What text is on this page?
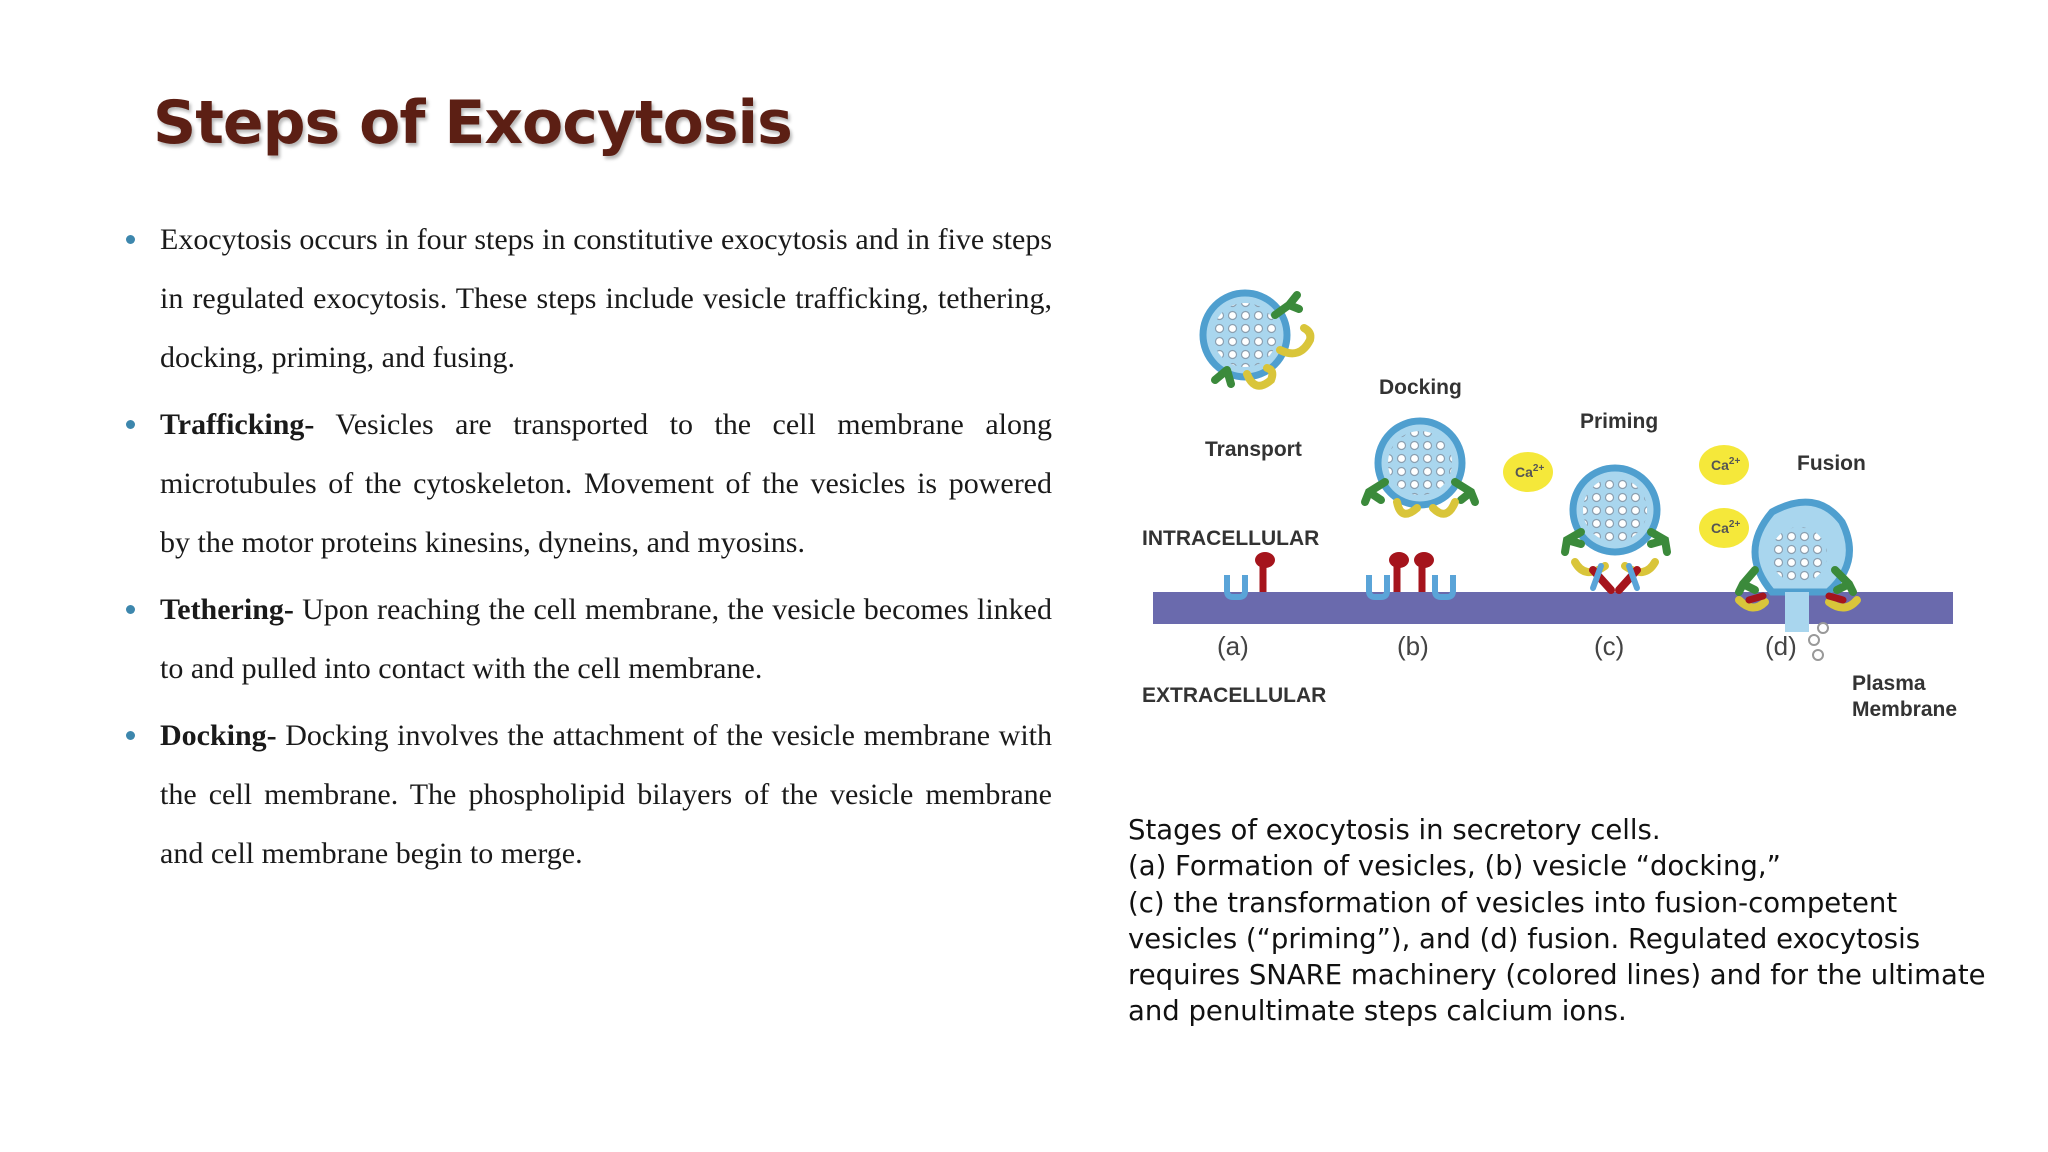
Steps of Exocytosis

Exocytosis occurs in four steps in constitutive exocytosis and in five steps in regulated exocytosis. These steps include vesicle trafficking, tethering, docking, priming, and fusing.

Trafficking- Vesicles are transported to the cell membrane along microtubules of the cytoskeleton. Movement of the vesicles is powered by the motor proteins kinesins, dyneins, and myosins.

Tethering- Upon reaching the cell membrane, the vesicle becomes linked to and pulled into contact with the cell membrane.

Docking- Docking involves the attachment of the vesicle membrane with the cell membrane. The phospholipid bilayers of the vesicle membrane and cell membrane begin to merge.

$Ca^{2+}$	$Ca^{2+}$
$Ca^{2+}$
Transport
Docking
Priming
Fusion
INTRACELLULAR
EXTRACELLULAR
Plasma
Membrane
(a)	(b)	(c)	(d)
Stages of exocytosis in secretory cells.
(a) Formation of vesicles, (b) vesicle “docking,”
(c) the transformation of vesicles into fusion-competent
vesicles (“priming”), and (d) fusion. Regulated exocytosis
requires SNARE machinery (colored lines) and for the ultimate
and penultimate steps calcium ions.
